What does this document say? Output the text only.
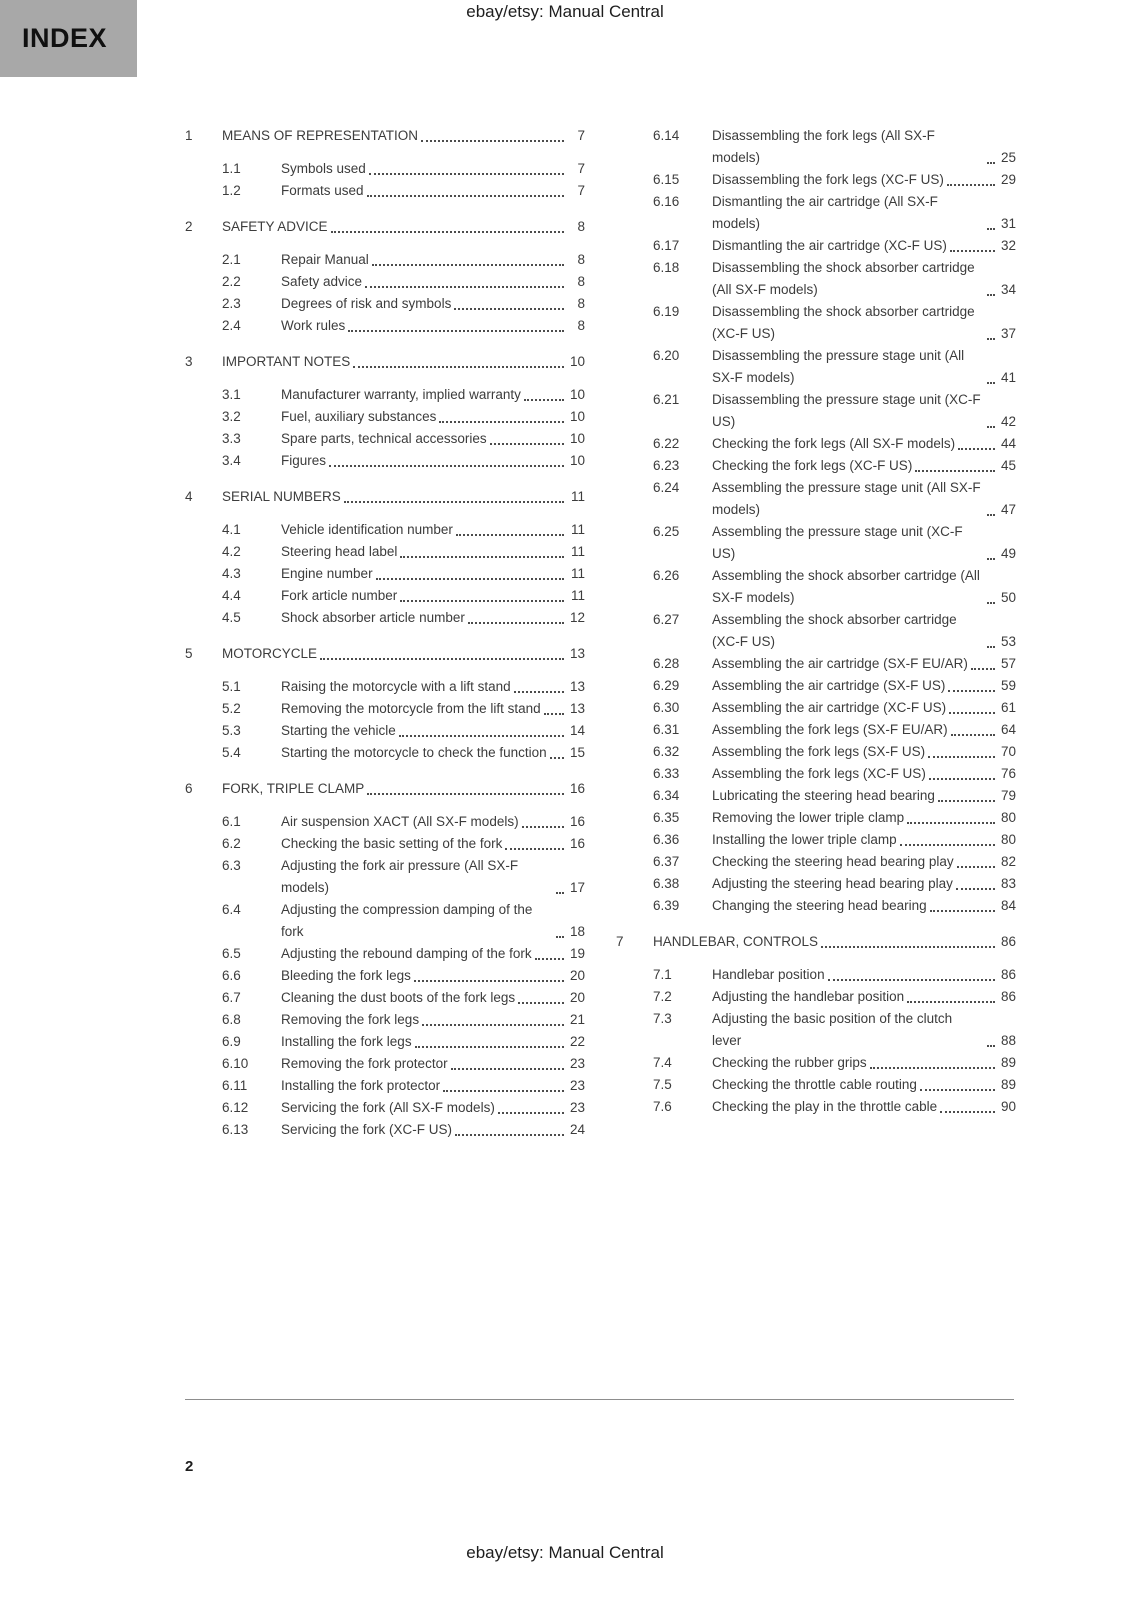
INDEX
ebay/etsy: Manual Central
1	MEANS OF REPRESENTATION	7
1.1	Symbols used	7
1.2	Formats used	7
2	SAFETY ADVICE	8
2.1	Repair Manual	8
2.2	Safety advice	8
2.3	Degrees of risk and symbols	8
2.4	Work rules	8
3	IMPORTANT NOTES	10
3.1	Manufacturer warranty, implied warranty	10
3.2	Fuel, auxiliary substances	10
3.3	Spare parts, technical accessories	10
3.4	Figures	10
4	SERIAL NUMBERS	11
4.1	Vehicle identification number	11
4.2	Steering head label	11
4.3	Engine number	11
4.4	Fork article number	11
4.5	Shock absorber article number	12
5	MOTORCYCLE	13
5.1	Raising the motorcycle with a lift stand	13
5.2	Removing the motorcycle from the lift stand 13
5.3	Starting the vehicle	14
5.4	Starting the motorcycle to check the function 15
6	FORK, TRIPLE CLAMP	16
6.1	Air suspension XACT (All SX-F models)	16
6.2	Checking the basic setting of the fork	16
6.3	Adjusting the fork air pressure (All SX-F models)	17
6.4	Adjusting the compression damping of the fork	18
6.5	Adjusting the rebound damping of the fork	19
6.6	Bleeding the fork legs	20
6.7	Cleaning the dust boots of the fork legs	20
6.8	Removing the fork legs	21
6.9	Installing the fork legs	22
6.10	Removing the fork protector	23
6.11	Installing the fork protector	23
6.12	Servicing the fork (All SX-F models)	23
6.13	Servicing the fork (XC-F US)	24
6.14	Disassembling the fork legs (All SX-F models)	25
6.15	Disassembling the fork legs (XC-F US)	29
6.16	Dismantling the air cartridge (All SX-F models)	31
6.17	Dismantling the air cartridge (XC-F US)	32
6.18	Disassembling the shock absorber cartridge (All SX-F models)	34
6.19	Disassembling the shock absorber cartridge (XC-F US)	37
6.20	Disassembling the pressure stage unit (All SX-F models)	41
6.21	Disassembling the pressure stage unit (XC-F US)	42
6.22	Checking the fork legs (All SX-F models)	44
6.23	Checking the fork legs (XC-F US)	45
6.24	Assembling the pressure stage unit (All SX-F models)	47
6.25	Assembling the pressure stage unit (XC-F US)	49
6.26	Assembling the shock absorber cartridge (All SX-F models)	50
6.27	Assembling the shock absorber cartridge (XC-F US)	53
6.28	Assembling the air cartridge (SX-F EU/AR) 57
6.29	Assembling the air cartridge (SX-F US)	59
6.30	Assembling the air cartridge (XC-F US)	61
6.31	Assembling the fork legs (SX-F EU/AR)	64
6.32	Assembling the fork legs (SX-F US)	70
6.33	Assembling the fork legs (XC-F US)	76
6.34	Lubricating the steering head bearing	79
6.35	Removing the lower triple clamp	80
6.36	Installing the lower triple clamp	80
6.37	Checking the steering head bearing play	82
6.38	Adjusting the steering head bearing play	83
6.39	Changing the steering head bearing	84
7	HANDLEBAR, CONTROLS	86
7.1	Handlebar position	86
7.2	Adjusting the handlebar position	86
7.3	Adjusting the basic position of the clutch lever	88
7.4	Checking the rubber grips	89
7.5	Checking the throttle cable routing	89
7.6	Checking the play in the throttle cable	90
2
ebay/etsy: Manual Central
